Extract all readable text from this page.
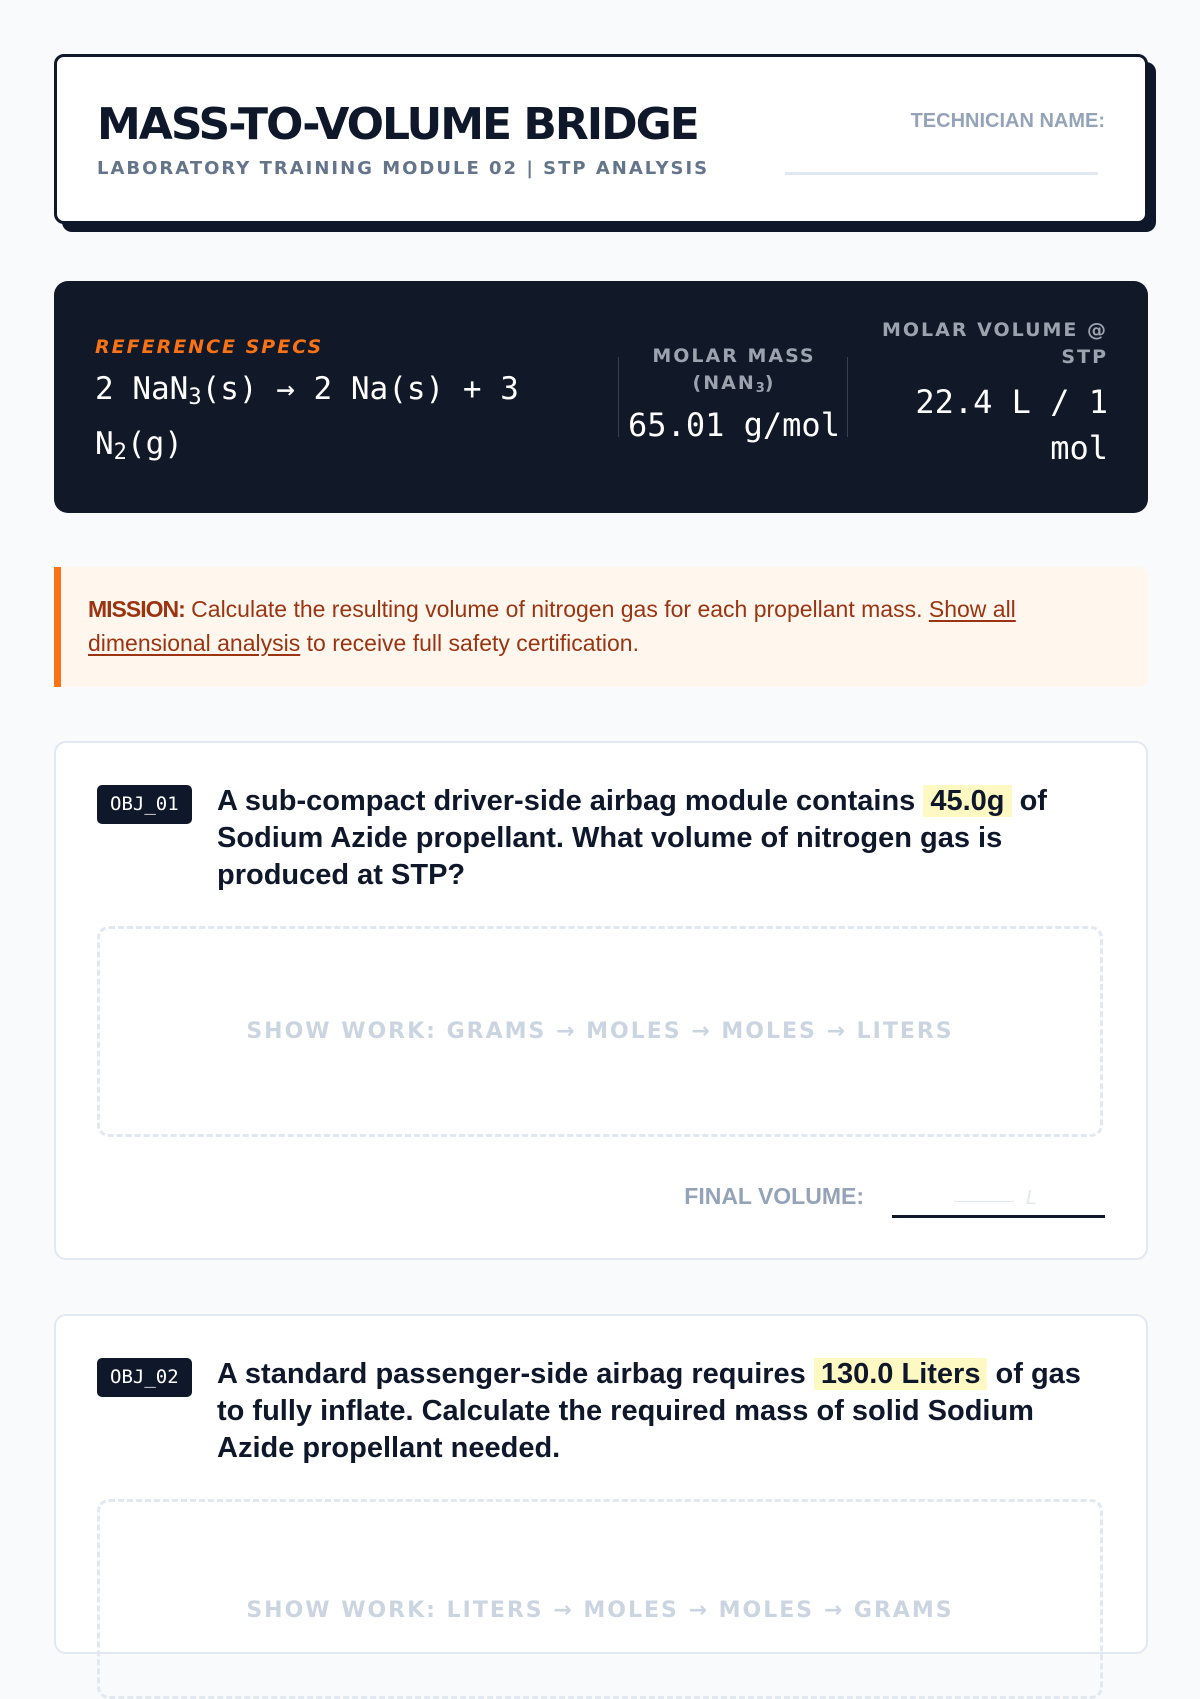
MASS-TO-VOLUME BRIDGE
LABORATORY TRAINING MODULE 02 | STP ANALYSIS
TECHNICIAN NAME:
REFERENCE SPECS
2 NaN$_3$(s) → 2 Na(s) + 3 $N_2(g)$
MOLAR MASS
$(NAN_3)$
65.01 g/mol
MOLAR VOLUME @ STP
22.4 L / 1 mol
MISSION: Calculate the resulting volume of nitrogen gas for each propellant mass. Show all dimensional analysis to receive full safety certification.
OBJ_01	A sub-compact driver-side airbag module contains 45.0g of Sodium Azide propellant. What volume of nitrogen gas is produced at STP?
SHOW WORK: GRAMS → MOLES → MOLES → LITERS
FINAL VOLUME:	L
OBJ_02	A standard passenger-side airbag requires 130.0 Liters of gas to fully inflate. Calculate the required mass of solid Sodium Azide propellant needed.
SHOW WORK: LITERS → MOLES → MOLES → GRAMS
